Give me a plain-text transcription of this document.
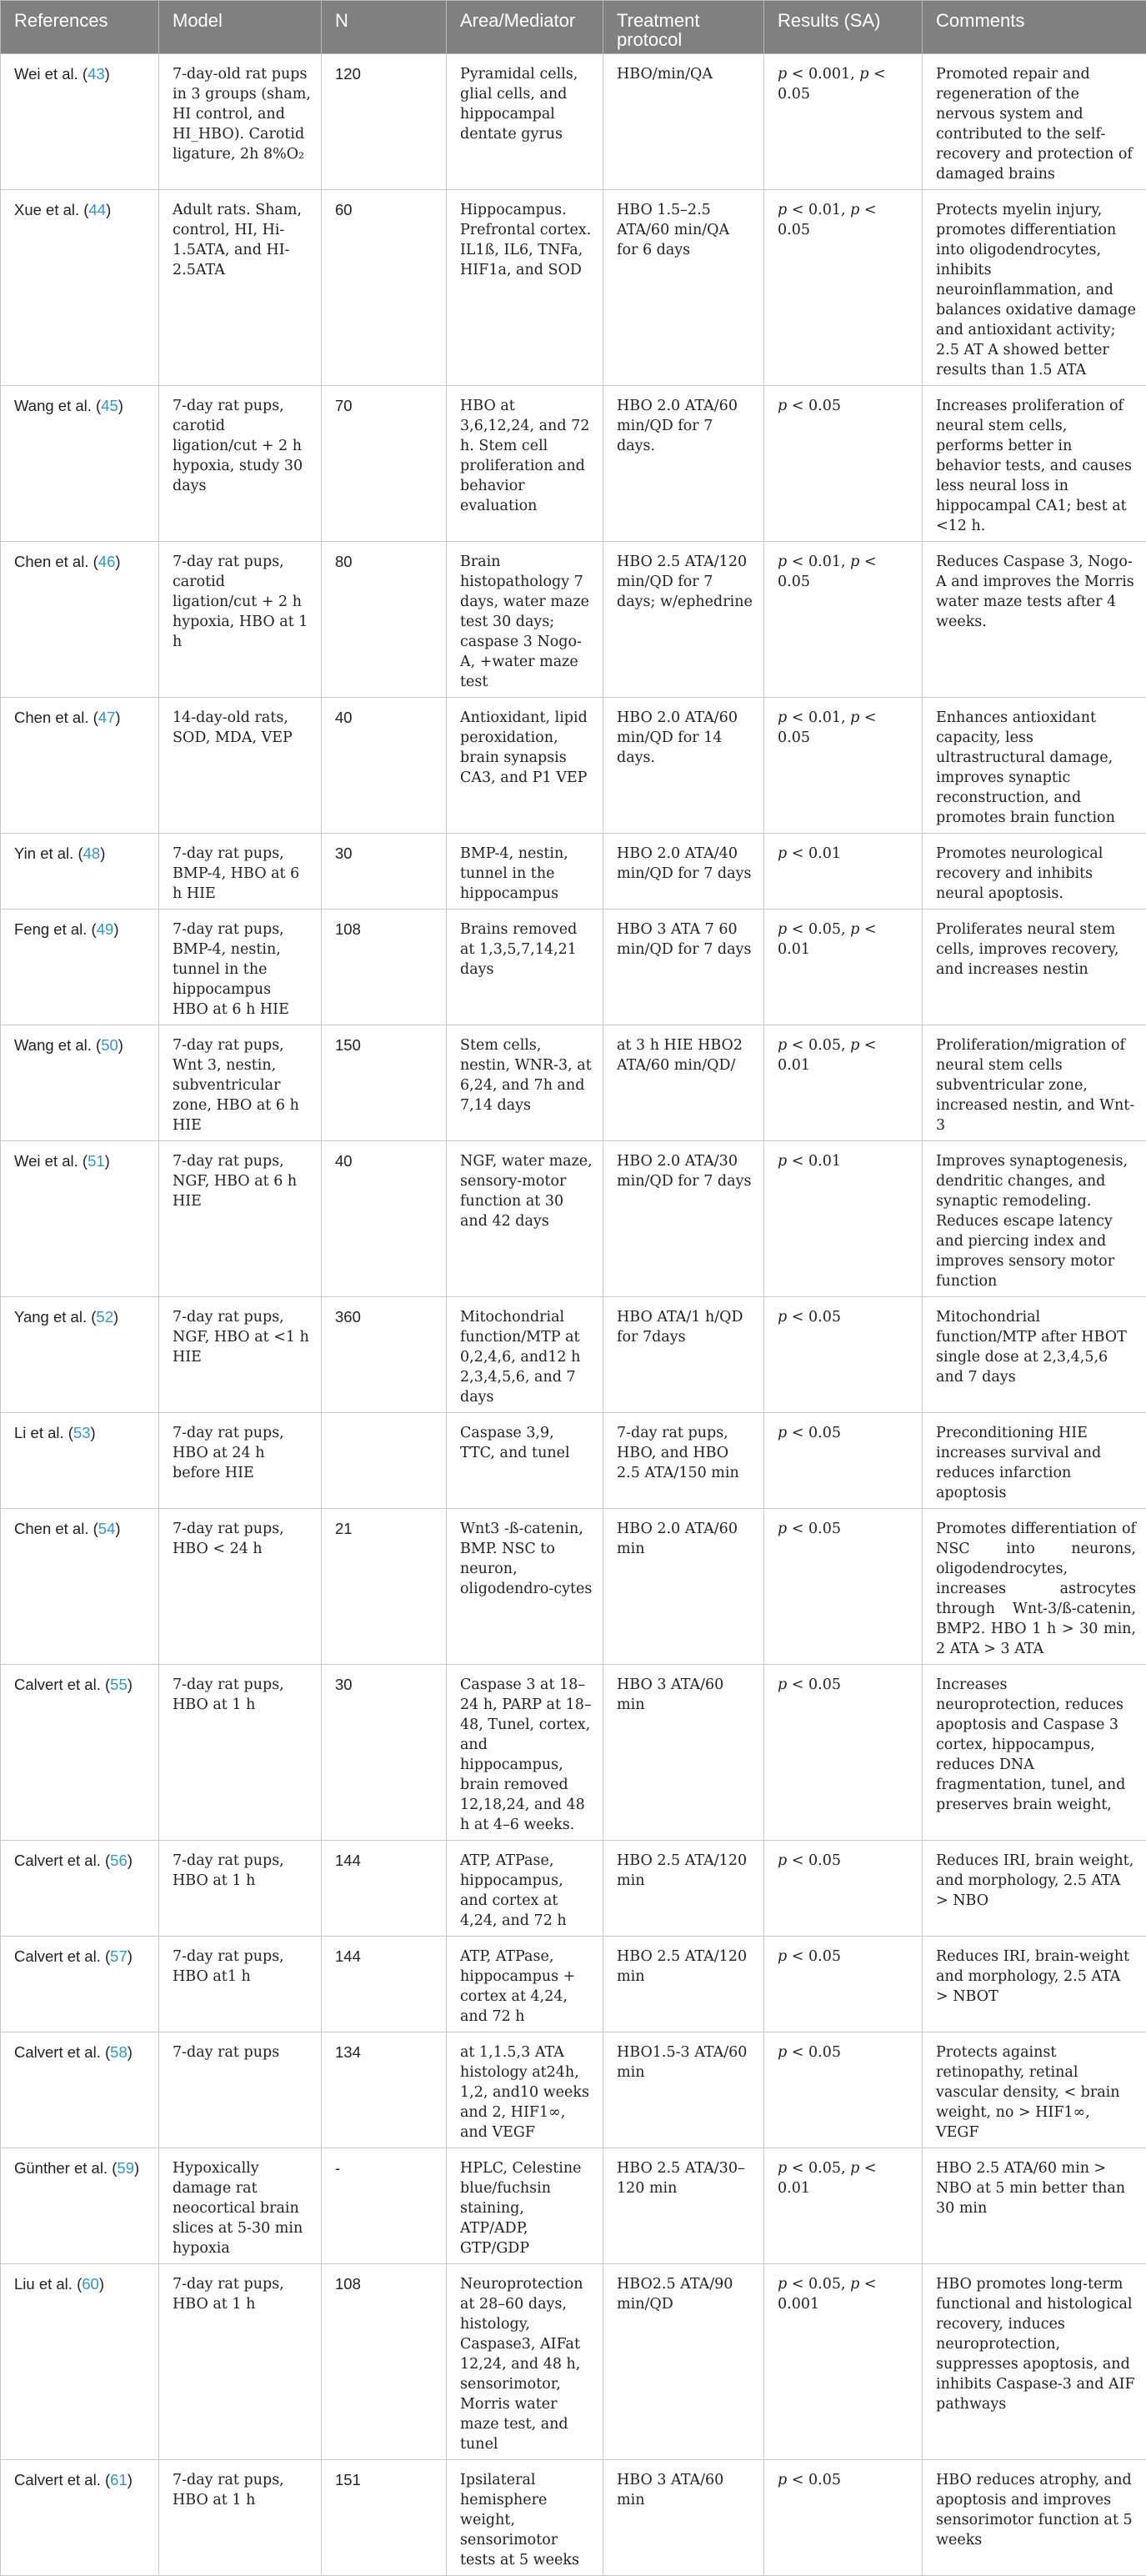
References	Model	N	Area/Mediator	Treatment protocol	Results (SA)	Comments
Wei et al. (43)	7-day-old rat pups in 3 groups (sham, HI control, and HI_HBO). Carotid ligature, 2h 8%O₂	120	Pyramidal cells, glial cells, and hippocampal dentate gyrus	HBO/min/QA	p < 0.001, p < 0.05	Promoted repair and regeneration of the nervous system and contributed to the self-recovery and protection of damaged brains
Xue et al. (44)	Adult rats. Sham, control, HI, Hi-1.5ATA, and HI-2.5ATA	60	Hippocampus. Prefrontal cortex. IL1ß, IL6, TNFa, HIF1a, and SOD	HBO 1.5–2.5 ATA/60 min/QA for 6 days	p < 0.01, p < 0.05	Protects myelin injury, promotes differentiation into oligodendrocytes, inhibits neuroinflammation, and balances oxidative damage and antioxidant activity; 2.5 AT A showed better results than 1.5 ATA
Wang et al. (45)	7-day rat pups, carotid ligation/cut + 2 h hypoxia, study 30 days	70	HBO at 3,6,12,24, and 72 h. Stem cell proliferation and behavior evaluation	HBO 2.0 ATA/60 min/QD for 7 days.	p < 0.05	Increases proliferation of neural stem cells, performs better in behavior tests, and causes less neural loss in hippocampal CA1; best at <12 h.
Chen et al. (46)	7-day rat pups, carotid ligation/cut + 2 h hypoxia, HBO at 1 h	80	Brain histopathology 7 days, water maze test 30 days; caspase 3 Nogo-A, +water maze test	HBO 2.5 ATA/120 min/QD for 7 days; w/ephedrine	p < 0.01, p < 0.05	Reduces Caspase 3, Nogo-A and improves the Morris water maze tests after 4 weeks.
Chen et al. (47)	14-day-old rats, SOD, MDA, VEP	40	Antioxidant, lipid peroxidation, brain synapsis CA3, and P1 VEP	HBO 2.0 ATA/60 min/QD for 14 days.	p < 0.01, p < 0.05	Enhances antioxidant capacity, less ultrastructural damage, improves synaptic reconstruction, and promotes brain function
Yin et al. (48)	7-day rat pups, BMP-4, HBO at 6 h HIE	30	BMP-4, nestin, tunnel in the hippocampus	HBO 2.0 ATA/40 min/QD for 7 days	p < 0.01	Promotes neurological recovery and inhibits neural apoptosis.
Feng et al. (49)	7-day rat pups, BMP-4, nestin, tunnel in the hippocampus HBO at 6 h HIE	108	Brains removed at 1,3,5,7,14,21 days	HBO 3 ATA 7 60 min/QD for 7 days	p < 0.05, p < 0.01	Proliferates neural stem cells, improves recovery, and increases nestin
Wang et al. (50)	7-day rat pups, Wnt 3, nestin, subventricular zone, HBO at 6 h HIE	150	Stem cells, nestin, WNR-3, at 6,24, and 7h and 7,14 days	at 3 h HIE HBO2 ATA/60 min/QD/	p < 0.05, p < 0.01	Proliferation/migration of neural stem cells subventricular zone, increased nestin, and Wnt-3
Wei et al. (51)	7-day rat pups, NGF, HBO at 6 h HIE	40	NGF, water maze, sensory-motor function at 30 and 42 days	HBO 2.0 ATA/30 min/QD for 7 days	p < 0.01	Improves synaptogenesis, dendritic changes, and synaptic remodeling. Reduces escape latency and piercing index and improves sensory motor function
Yang et al. (52)	7-day rat pups, NGF, HBO at <1 h HIE	360	Mitochondrial function/MTP at 0,2,4,6, and12 h 2,3,4,5,6, and 7 days	HBO ATA/1 h/QD for 7days	p < 0.05	Mitochondrial function/MTP after HBOT single dose at 2,3,4,5,6 and 7 days
Li et al. (53)	7-day rat pups, HBO at 24 h before HIE		Caspase 3,9, TTC, and tunel	7-day rat pups, HBO, and HBO 2.5 ATA/150 min	p < 0.05	Preconditioning HIE increases survival and reduces infarction apoptosis
Chen et al. (54)	7-day rat pups, HBO < 24 h	21	Wnt3 -ß-catenin, BMP. NSC to neuron, oligodendro-cytes	HBO 2.0 ATA/60 min	p < 0.05	Promotes differentiation of NSC into neurons, oligodendrocytes, increases astrocytes through Wnt-3/ß-catenin, BMP2. HBO 1 h > 30 min, 2 ATA > 3 ATA
Calvert et al. (55)	7-day rat pups, HBO at 1 h	30	Caspase 3 at 18–24 h, PARP at 18–48, Tunel, cortex, and hippocampus, brain removed 12,18,24, and 48 h at 4–6 weeks.	HBO 3 ATA/60 min	p < 0.05	Increases neuroprotection, reduces apoptosis and Caspase 3 cortex, hippocampus, reduces DNA fragmentation, tunel, and preserves brain weight,
Calvert et al. (56)	7-day rat pups, HBO at 1 h	144	ATP, ATPase, hippocampus, and cortex at 4,24, and 72 h	HBO 2.5 ATA/120 min	p < 0.05	Reduces IRI, brain weight, and morphology, 2.5 ATA > NBO
Calvert et al. (57)	7-day rat pups, HBO at1 h	144	ATP, ATPase, hippocampus + cortex at 4,24, and 72 h	HBO 2.5 ATA/120 min	p < 0.05	Reduces IRI, brain-weight and morphology, 2.5 ATA > NBOT
Calvert et al. (58)	7-day rat pups	134	at 1,1.5,3 ATA histology at24h, 1,2, and10 weeks and 2, HIF1∞, and VEGF	HBO1.5-3 ATA/60 min	p < 0.05	Protects against retinopathy, retinal vascular density, < brain weight, no > HIF1∞, VEGF
Günther et al. (59)	Hypoxically damage rat neocortical brain slices at 5-30 min hypoxia	-	HPLC, Celestine blue/fuchsin staining, ATP/ADP, GTP/GDP	HBO 2.5 ATA/30–120 min	p < 0.05, p < 0.01	HBO 2.5 ATA/60 min > NBO at 5 min better than 30 min
Liu et al. (60)	7-day rat pups, HBO at 1 h	108	Neuroprotection at 28–60 days, histology, Caspase3, AIFat 12,24, and 48 h, sensorimotor, Morris water maze test, and tunel	HBO2.5 ATA/90 min/QD	p < 0.05, p < 0.001	HBO promotes long-term functional and histological recovery, induces neuroprotection, suppresses apoptosis, and inhibits Caspase-3 and AIF pathways
Calvert et al. (61)	7-day rat pups, HBO at 1 h	151	Ipsilateral hemisphere weight, sensorimotor tests at 5 weeks	HBO 3 ATA/60 min	p < 0.05	HBO reduces atrophy, and apoptosis and improves sensorimotor function at 5 weeks
